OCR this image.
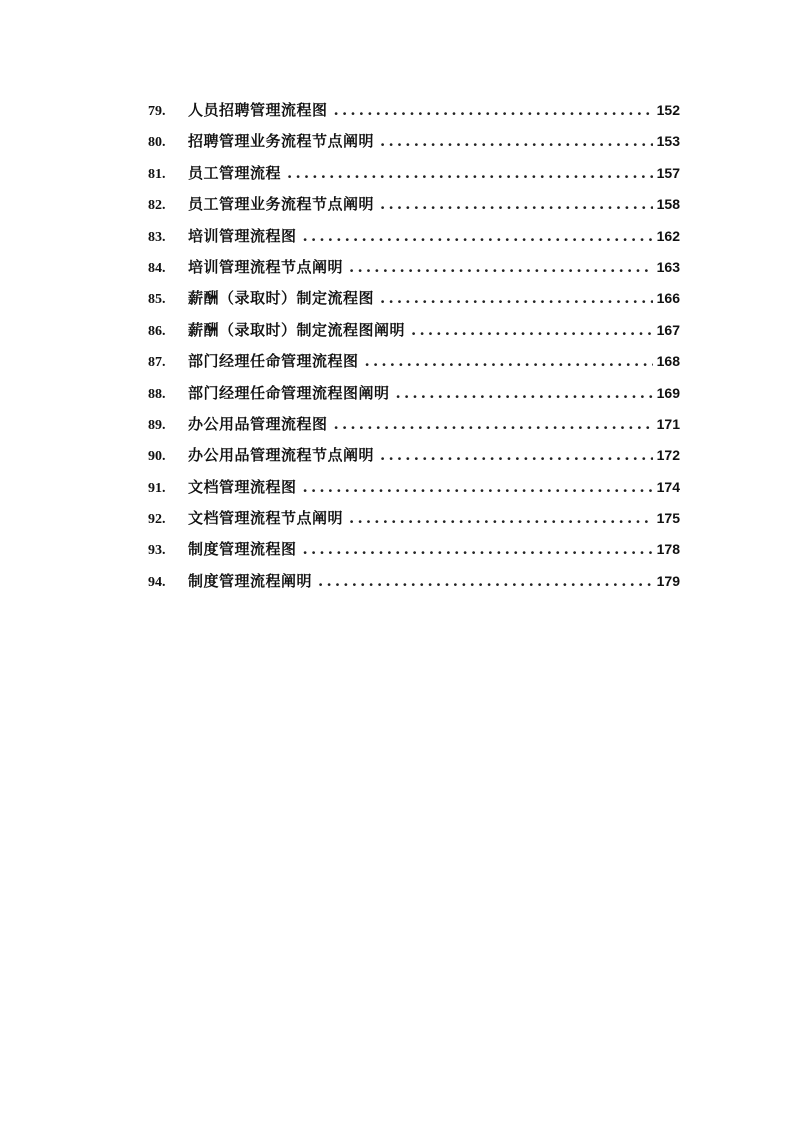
79.	人员招聘管理流程图 .....	152
80.	招聘管理业务流程节点阐明 .....	153
81.	员工管理流程 .....	157
82.	员工管理业务流程节点阐明 .....	158
83.	培训管理流程图 .....	162
84.	培训管理流程节点阐明 .....	163
85.	薪酬（录取时）制定流程图 .....	166
86.	薪酬（录取时）制定流程图阐明 .....	167
87.	部门经理任命管理流程图 .....	168
88.	部门经理任命管理流程图阐明 .....	169
89.	办公用品管理流程图 .....	171
90.	办公用品管理流程节点阐明 .....	172
91.	文档管理流程图 .....	174
92.	文档管理流程节点阐明 .....	175
93.	制度管理流程图 .....	178
94.	制度管理流程阐明 .....	179
